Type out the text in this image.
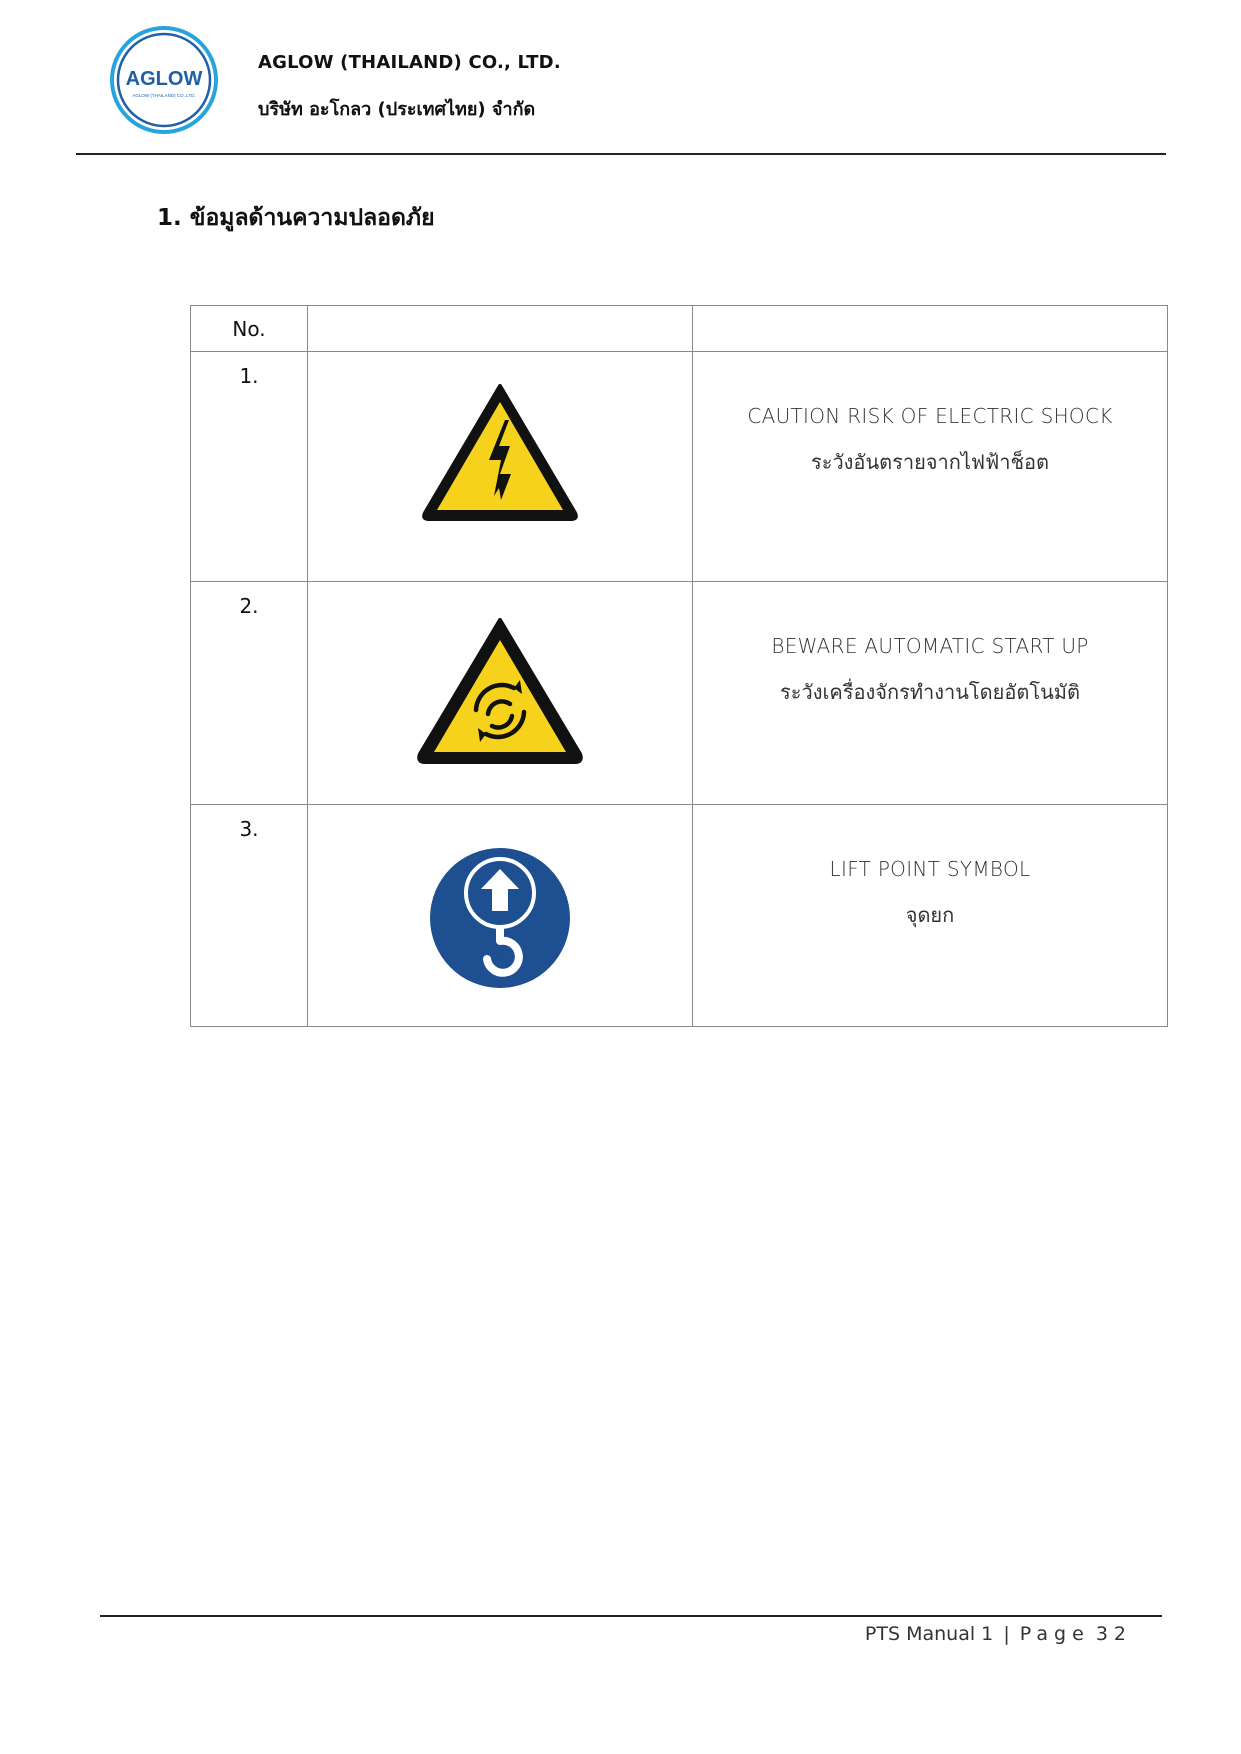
AGLOW
AGLOW (THAILAND) CO.,LTD.
AGLOW (THAILAND) CO., LTD.
บริษัท อะโกลว (ประเทศไทย) จำกัด
1. ข้อมูลด้านความปลอดภัย
No.		
1.		CAUTION RISK OF ELECTRIC SHOCK
ระวังอันตรายจากไฟฟ้าช็อต

2.		BEWARE AUTOMATIC START UP
ระวังเครื่องจักรทำงานโดยอัตโนมัติ

3.		LIFT POINT SYMBOL
จุดยก
PTS Manual 1 | Page 32
